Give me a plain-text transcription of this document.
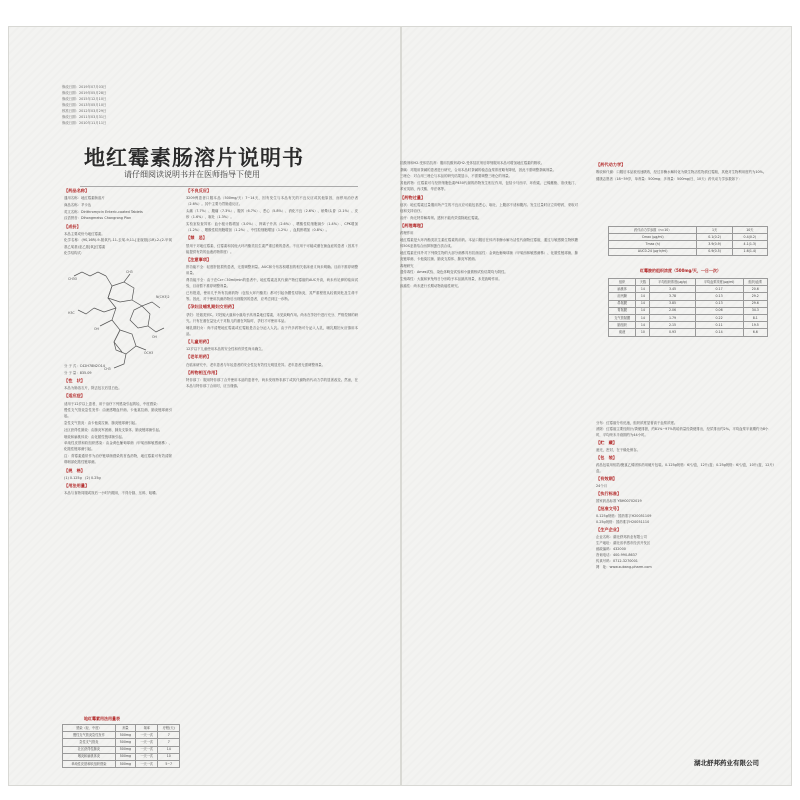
修改日期：2019年07月03日
修改日期：2019年05月28日
修改日期：2015年12月10日
修改日期：2013年05月10日
核准日期：2012年03月29日
修改日期：2011年03月31日
修改日期：2010年11月11日
地红霉素肠溶片说明书
请仔细阅读说明书并在医师指导下使用
【药品名称】

通用名称：地红霉素肠溶片

商品名称：芊卡达

英文名称：Dirithromycin Enteric-coated Tablets

汉语拼音：Dihongmeisu Changrong Pian

【成份】

本品主要成份为地红霉素。

化学名称：(9S,16R)-9-脱氧代-11-去氧-9,11-[亚胺基[(1R)-2-(2-甲氧基乙氧基)亚乙基]氧]红霉素

化学结构式：

分 子 式：C42H78N2O14

分 子 量：835.09

【性　状】

本品为肠溶衣片，除去包衣后显白色。

【适应症】

适用于12岁以上患者，用于治疗下列感染引起的轻、中度感染：

慢性支气管炎急性发作：由流感嗜血杆菌、卡他莫拉菌、肺炎链球菌引起。

急性支气管炎：由卡他莫拉菌、肺炎链球菌引起。

社区获得性肺炎：由肺炎军团菌、肺炎支原体、肺炎链球菌引起。

咽炎和扁桃体炎：由化脓性链球菌引起。

单纯性皮肤和软组织感染：由金黄色葡萄球菌（甲氧西林敏感菌株）、化脓性链球菌引起。

注：青霉素通常作为治疗链球菌感染的首选药物，地红霉素可有效清除鼻咽部化脓性链球菌。

【规　格】

(1) 0.125g　(2) 0.25g

【用法用量】

本品与食物同服或饭后一小时内服用，不得分割、压碎、咀嚼。

CH3O
CH3
N(CH3)2
OH
OH
OCH3
CH3
H3C
地红霉素用法用量表
感染（轻、中度）	剂量	频率	疗程(天)
慢性支气管炎急性发作	500mg	一天一次	7
急性支气管炎	500mg	一天一次	7
社区获得性肺炎	500mg	一天一次	14
咽炎和扁桃体炎	500mg	一天一次	10
单纯性皮肤和软组织感染	500mg	一天一次	5~7
【不良反应】

3209例患者口服本品（500mg/天）7~14天，因有发生与本品有关的不良反应或其他原因，而停用治疗者（2.6%）。其中主要为胃肠道反应。

头痛（7.7%）、腹痛（7.3%）、腹泻（6.7%）、恶心（5.8%）、消化不良（2.6%）、眩晕/头昏（2.1%）、皮疹（1.6%）、呕吐（1.3%）。

实验室检查异常：血小板计数增加（3.0%）、钾离子升高（2.6%）、嗜酸性粒细胞减少（1.4%）、CPK增加（1.2%）、嗜酸性粒细胞增加（1.2%）、中性粒细胞增加（1.2%）、血肌酐增加（0.8%）。

【禁　忌】

禁用于对地红霉素、红霉素和其他大环内酯类抗生素严重过敏的患者。不应用于可疑或潜在菌血症的患者（因其不能提供有效的血液药物浓度）。

【注意事项】

肝功能不全：轻度肝脏损伤患者，无需调整剂量。AUC和分布容积增加的相关临床意义尚未明确。目前不推荐调整用量。

肾功能不全：由于在Ccr＜30ml/min的患者中，地红霉素及其代谢产物红霉胺的AUC升高，尚未有足够的临床试验，目前暂不推荐调整剂量。

已有报道，使用几乎所有抗菌药物（包括大环内酯类）都可引起伪膜性结肠炎，其严重程度从轻微到危及生命不等。因此，对于使用抗菌药物后出现腹泻的患者，应考虑到这一诊断。

【孕妇及哺乳期妇女用药】

孕妇：妊娠类别C。对妊娠大鼠和小鼠给予高剂量地红霉素，未见致畸作用。尚未在孕妇中进行充分、严格控制的研究。只有在潜在益处大于对胎儿的潜在风险时，孕妇才可使用本品。

哺乳期妇女：尚不清楚地红霉素或红霉胺是否会分泌入人乳。由于许多药物可分泌入人乳，哺乳期妇女应慎用本品。

【儿童用药】

12岁以下儿童使用本品的安全性和有效性尚未确立。

【老年用药】

在临床研究中，老年患者与年轻患者的安全性及有效性无明显差异。老年患者无需调整剂量。

【药物相互作用】

特非那丁：服用特非那丁合并使用本品的患者中，尚未发现特非那丁或其代谢物药代动力学的显著改变。然而，在本品与特非那丁合用时，应当谨慎。

抗酸剂和H2-受体拮抗剂：服用抗酸剂或H2-受体拮抗剂后即刻服用本品可增加地红霉素的吸收。

茶碱：对服用茶碱的患者进行研究，合用本品时茶碱的稳态血浆浓度略有降低，因此不需调整茶碱剂量。

三唑仑：对合用三唑仑与本品的研究结果显示，不需要调整三唑仑的剂量。

其他药物：红霉素可与经肝细胞色素P450代谢的药物发生相互作用，包括卡马西平、环孢素、己烯雌酚、洛伐他汀、苯妥英钠、丙戊酸、华法林等。

【药物过量】

症状：地红霉素过量服用所产生的不良反应可能包括恶心、呕吐、上腹部不适和腹泻。发生过量时应立即停药，采取对症和支持治疗。

治疗：尚无特异解毒剂。透析不能有效清除地红霉素。

【药理毒理】

药理作用

地红霉素是大环内酯类抗生素红霉素的前药。本品口服后在体内非酶水解为活性代谢物红霉胺，通过与敏感微生物核糖体50S亚基结合而抑制蛋白质合成。

地红霉素在体外对下列微生物的大部分菌株具有抗菌活性：金黄色葡萄球菌（甲氧西林敏感菌株）、化脓性链球菌、肺炎链球菌、卡他莫拉菌、肺炎支原体、肺炎军团菌。

毒理研究

遗传毒性：Ames试验、染色体畸变试验和小鼠微核试验结果均为阴性。

生殖毒性：大鼠和家兔每日分别给予本品最高剂量，未见致畸作用。

致癌性：尚未进行长期动物致癌性研究。

【药代动力学】

吸收和代谢：口服后本品被迅速吸收，经过非酶水解转化为微生物活性物质红霉胺，其绝对生物利用度约为10%。

健康志愿者（18~59岁，单剂量：500mg；多剂量：500mg/日，10天）药代动力学参数如下：

药代动力学参数（n=10）	1天	10天
Cmax (μg/ml)	0.1(0.2)	0.4(0.2)
Tmax (h)	3.9(0.9)	4.1(1.3)
AUC0-24 (μg·h/ml)	0.9(0.5)	1.6(1.4)
红霉胺的组织浓度（500mg/天，一日一次）
组织	天数	平均组织浓度(μg/g)	平均血浆浓度(μg/ml)	组织/血浆
扁桃体	14	3.45	0.17	20.6
前列腺	14	3.78	0.13	29.2
鼻黏膜	14	3.85	0.13	29.6
胃黏膜	14	2.06	0.06	34.3
支气管黏膜	14	1.79	0.22	8.1
肺组织	14	2.15	0.11	19.5
痰液	10	0.93	0.14	6.6

分布：红霉胺分布迅速，组织浓度显著高于血浆浓度。

消除：红霉胺主要经胆汁/粪便排泄，约81%~97%的给药量经粪便排出，经尿排出约2%。平均血浆半衰期约为8小时，平均终末半衰期约为44小时。

【贮　藏】

遮光，密封，在干燥处保存。

【包　装】

药品包装用铝箔/聚氯乙烯固体药用硬片包装。0.125g规格：6片/盒，12片/盒；0.25g规格：6片/盒，10片/盒，12片/盒。

【有效期】

24个月

【执行标准】

国家药品标准 YBH00702019

【批准文号】

0.125g规格：国药准字H20051109

0.25g规格：国药准字H20051110

【生产企业】

企业名称：湖北舒邦药业有限公司

生产地址：湖北省孝感市经济开发区

邮政编码：432000

咨询电话：400-990-8637

传真号码：0712-3270001

网　址：www.subang-pharm.com

湖北舒邦药业有限公司
